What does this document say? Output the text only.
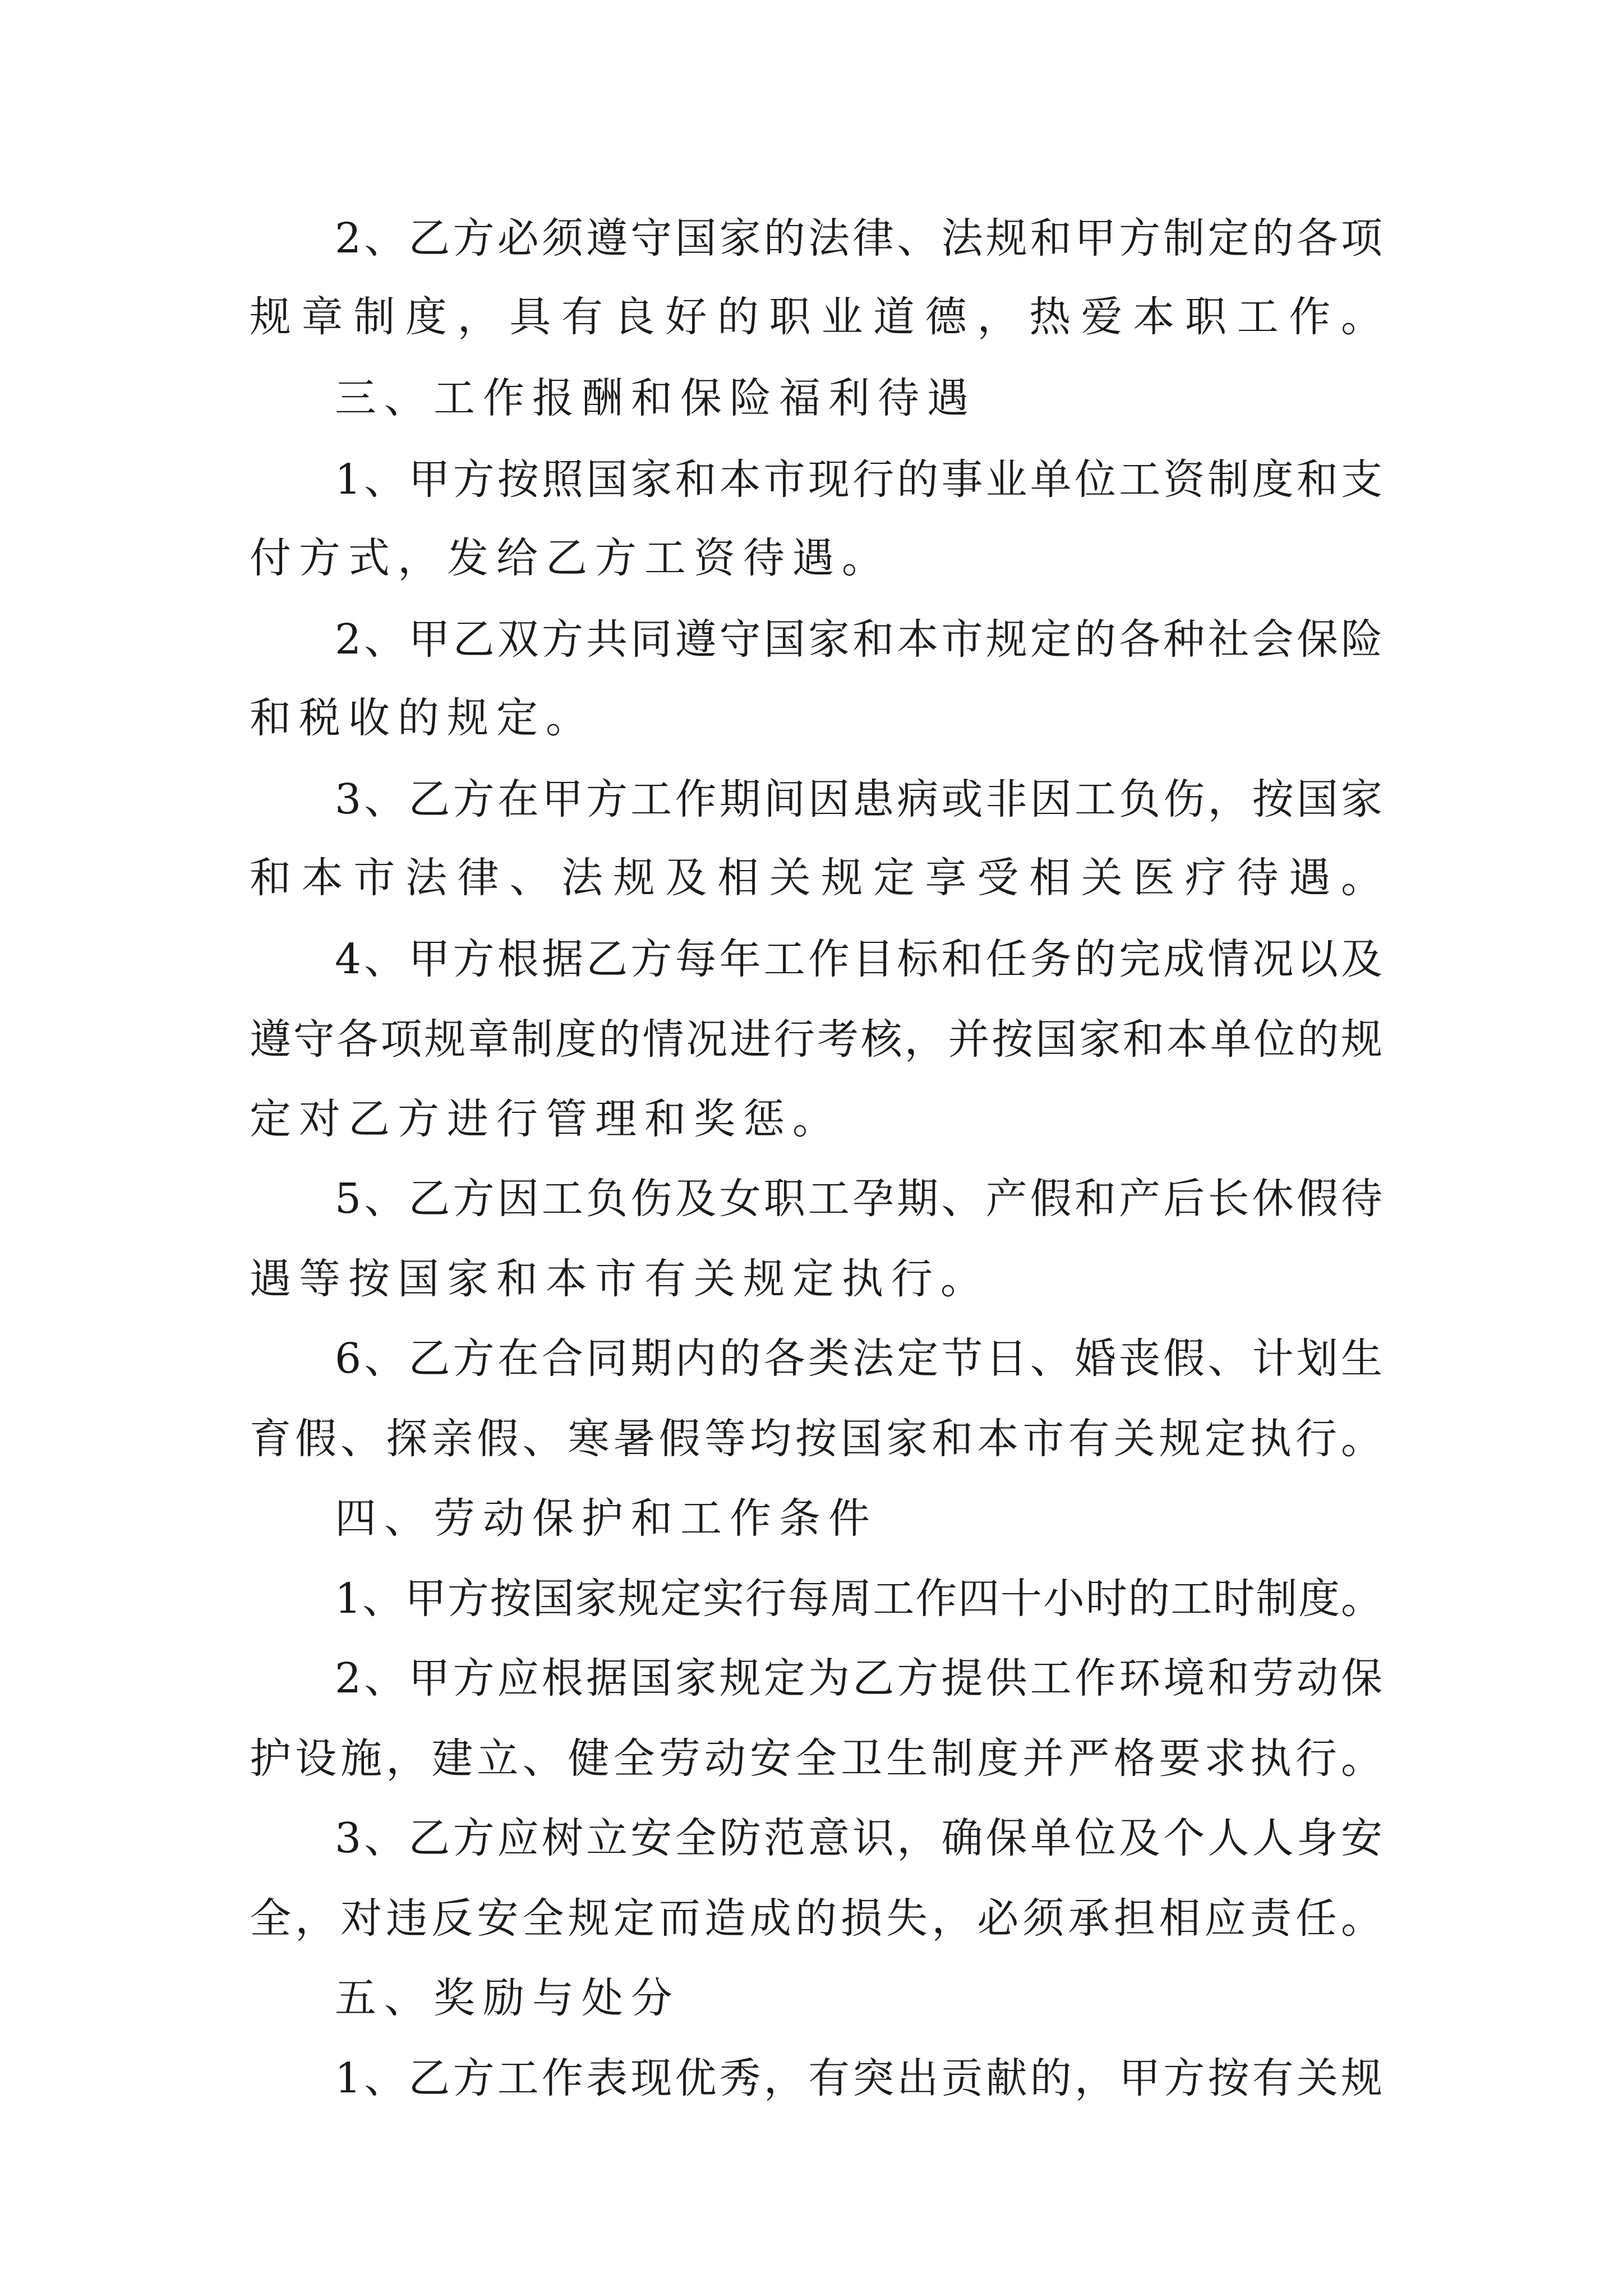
2、乙方必须遵守国家的法律、法规和甲方制定的各项
规章制度，具有良好的职业道德，热爱本职工作。
三、工作报酬和保险福利待遇
1、甲方按照国家和本市现行的事业单位工资制度和支
付方式，发给乙方工资待遇。
2、甲乙双方共同遵守国家和本市规定的各种社会保险
和税收的规定。
3、乙方在甲方工作期间因患病或非因工负伤，按国家
和本市法律、法规及相关规定享受相关医疗待遇。
4、甲方根据乙方每年工作目标和任务的完成情况以及
遵守各项规章制度的情况进行考核，并按国家和本单位的规
定对乙方进行管理和奖惩。
5、乙方因工负伤及女职工孕期、产假和产后长休假待
遇等按国家和本市有关规定执行。
6、乙方在合同期内的各类法定节日、婚丧假、计划生
育假、探亲假、寒暑假等均按国家和本市有关规定执行。
四、劳动保护和工作条件
1、甲方按国家规定实行每周工作四十小时的工时制度。
2、甲方应根据国家规定为乙方提供工作环境和劳动保
护设施，建立、健全劳动安全卫生制度并严格要求执行。
3、乙方应树立安全防范意识，确保单位及个人人身安
全，对违反安全规定而造成的损失，必须承担相应责任。
五、奖励与处分
1、乙方工作表现优秀，有突出贡献的，甲方按有关规
